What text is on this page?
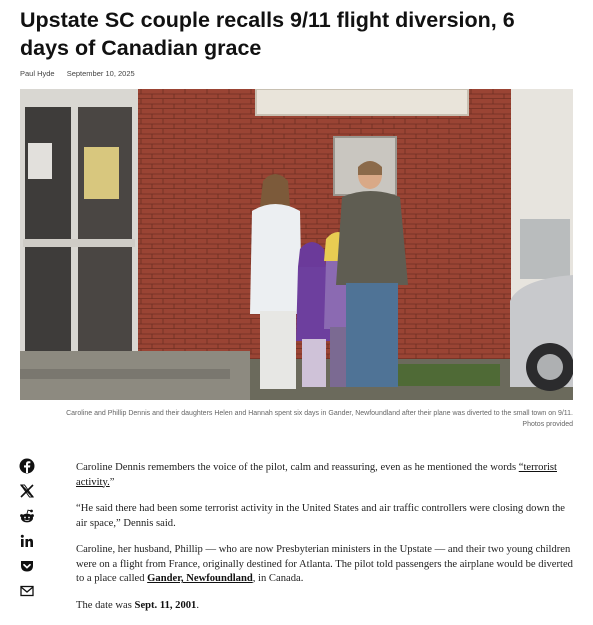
Upstate SC couple recalls 9/11 flight diversion, 6
days of Canadian grace
Paul Hyde September 10, 2025
Caroline and Phillip Dennis and their daughters Helen and Hannah spent six days in Gander, Newfoundland after their plane was diverted to the small town on 9/11.
Photos provided

Caroline Dennis remembers the voice of the pilot, calm and reassuring, even as he mentioned the words “terrorist activity.”

“He said there had been some terrorist activity in the United States and air traffic controllers were closing down the air space,” Dennis said.

Caroline, her husband, Phillip — who are now Presbyterian ministers in the Upstate — and their two young children were on a flight from France, originally destined for Atlanta. The pilot told passengers the airplane would be diverted to a place called Gander, Newfoundland, in Canada.

The date was Sept. 11, 2001.
